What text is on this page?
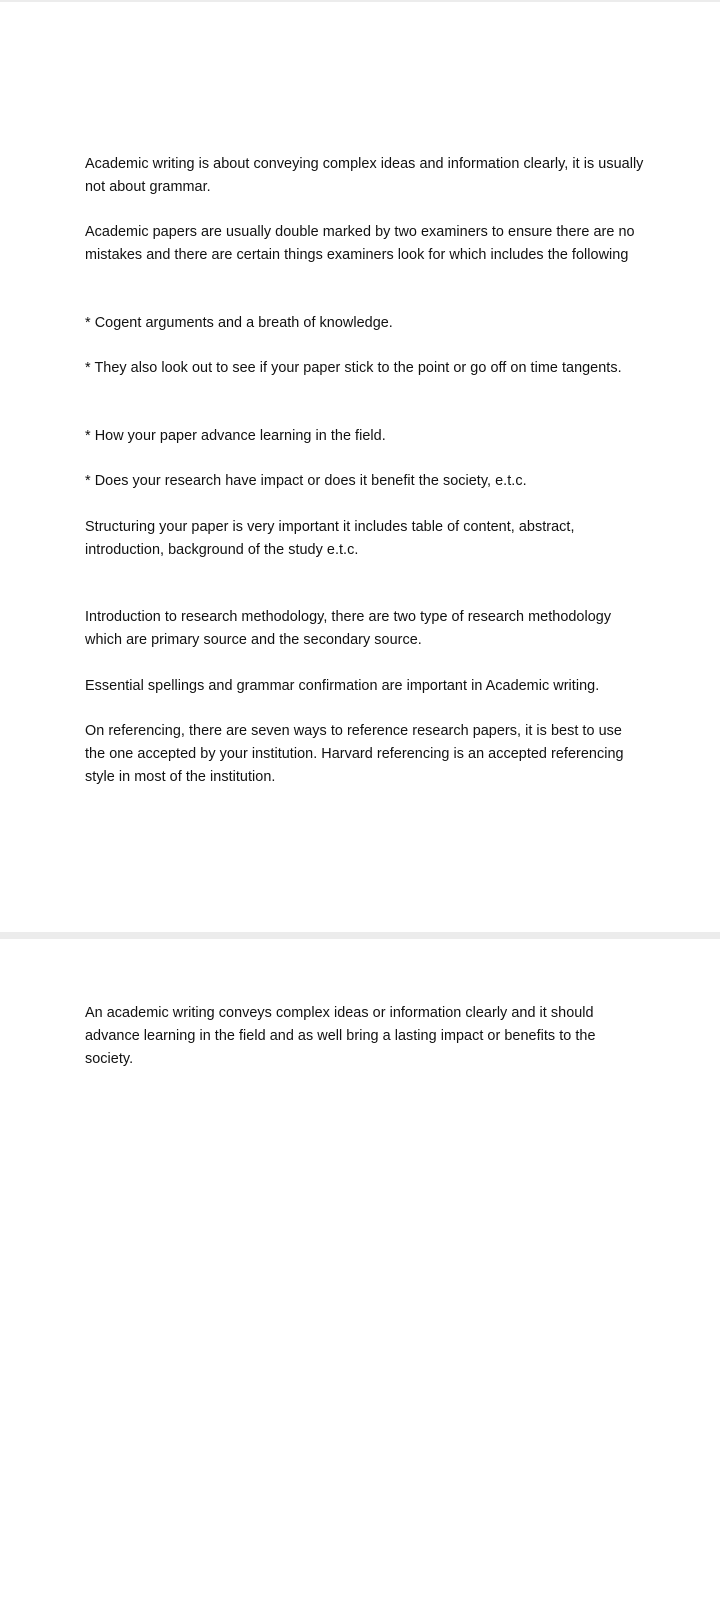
Academic writing is about conveying complex ideas and information clearly, it is usually not about grammar.

Academic papers are usually double marked by two examiners to ensure there are no mistakes and there are certain things examiners look for which includes the following

* Cogent arguments and a breath of knowledge.

* They also look out to see if your paper stick to the point or go off on time tangents.

* How your paper advance learning in the field.

* Does your research have impact or does it benefit the society, e.t.c.

Structuring your paper is very important it includes table of content, abstract, introduction, background of the study e.t.c.

Introduction to research methodology, there are two type of research methodology which are primary source and the secondary source.

Essential spellings and grammar confirmation are important in Academic writing.

On referencing, there are seven ways to reference research papers, it is best to use the one accepted by your institution. Harvard referencing is an accepted referencing style in most of the institution.

An academic writing conveys complex ideas or information clearly and it should advance learning in the field and as well bring a lasting impact or benefits to the society.
